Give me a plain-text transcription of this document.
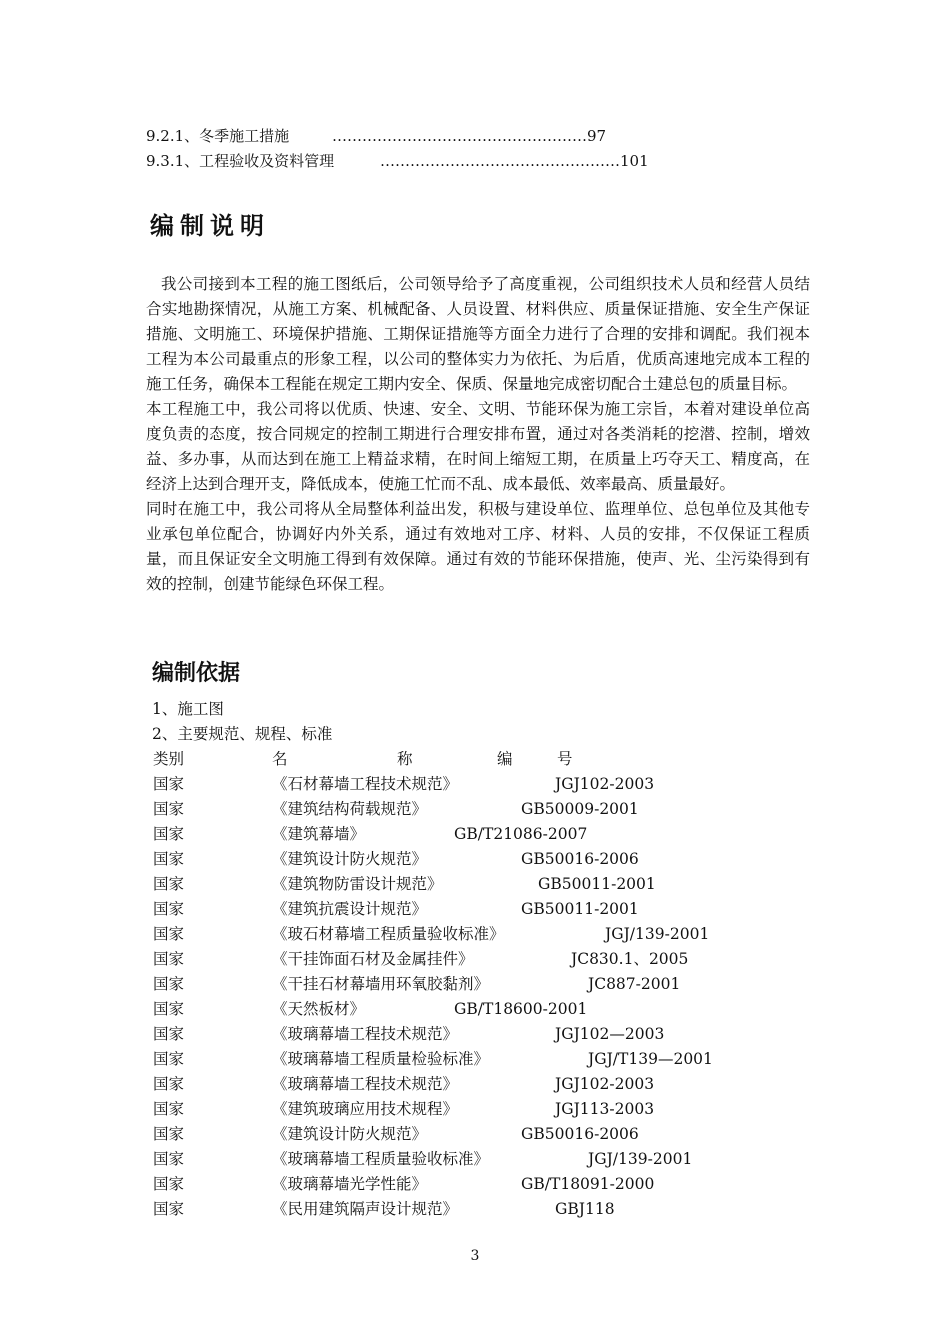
9.2.1、冬季施工措施	……………………………………………97
9.3.1、工程验收及资料管理	…………………………………………101
编制说明

我公司接到本工程的施工图纸后，公司领导给予了高度重视，公司组织技术人员和经营人员结合实地勘探情况，从施工方案、机械配备、人员设置、材料供应、质量保证措施、安全生产保证措施、文明施工、环境保护措施、工期保证措施等方面全力进行了合理的安排和调配。我们视本工程为本公司最重点的形象工程，以公司的整体实力为依托、为后盾，优质高速地完成本工程的施工任务，确保本工程能在规定工期内安全、保质、保量地完成密切配合土建总包的质量目标。

本工程施工中，我公司将以优质、快速、安全、文明、节能环保为施工宗旨，本着对建设单位高度负责的态度，按合同规定的控制工期进行合理安排布置，通过对各类消耗的挖潜、控制，增效益、多办事，从而达到在施工上精益求精，在时间上缩短工期，在质量上巧夺天工、精度高，在经济上达到合理开支，降低成本，使施工忙而不乱、成本最低、效率最高、质量最好。

同时在施工中，我公司将从全局整体利益出发，积极与建设单位、监理单位、总包单位及其他专业承包单位配合，协调好内外关系，通过有效地对工序、材料、人员的安排，不仅保证工程质量，而且保证安全文明施工得到有效保障。通过有效的节能环保措施，使声、光、尘污染得到有效的控制，创建节能绿色环保工程。

编制依据
1、施工图
2、主要规范、规程、标准
类别	名	称	编	号
国家	《石材幕墙工程技术规范》	JGJ102-2003
国家	《建筑结构荷载规范》	GB50009-2001
国家	《建筑幕墙》	GB/T21086-2007
国家	《建筑设计防火规范》	GB50016-2006
国家	《建筑物防雷设计规范》	GB50011-2001
国家	《建筑抗震设计规范》	GB50011-2001
国家	《玻石材幕墙工程质量验收标准》	JGJ/139-2001
国家	《干挂饰面石材及金属挂件》	JC830.1、2005
国家	《干挂石材幕墙用环氧胶黏剂》	JC887-2001
国家	《天然板材》	GB/T18600-2001
国家	《玻璃幕墙工程技术规范》	JGJ102—2003
国家	《玻璃幕墙工程质量检验标准》	JGJ/T139—2001
国家	《玻璃幕墙工程技术规范》	JGJ102-2003
国家	《建筑玻璃应用技术规程》	JGJ113-2003
国家	《建筑设计防火规范》	GB50016-2006
国家	《玻璃幕墙工程质量验收标准》	JGJ/139-2001
国家	《玻璃幕墙光学性能》	GB/T18091-2000
国家	《民用建筑隔声设计规范》	GBJ118
3
